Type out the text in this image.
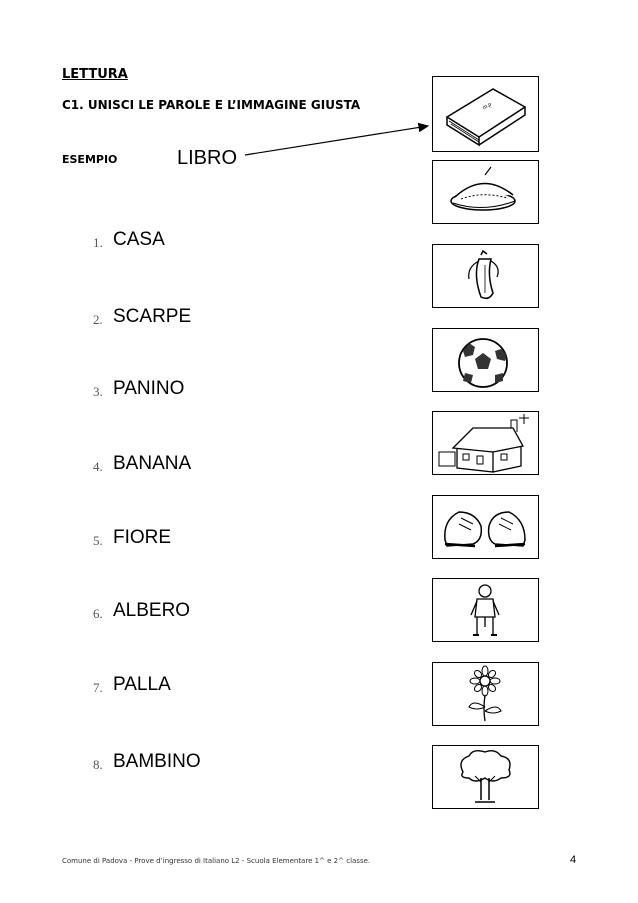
LETTURA
C1. UNISCI LE PAROLE E L’IMMAGINE GIUSTA
ESEMPIO	LIBRO
1. CASA
2. SCARPE
3. PANINO
4. BANANA
5. FIORE
6. ALBERO
7. PALLA
8. BAMBINO
m.p
Comune di Padova - Prove d’ingresso di Italiano L2 - Scuola Elementare 1^ e 2^ classe.	4
